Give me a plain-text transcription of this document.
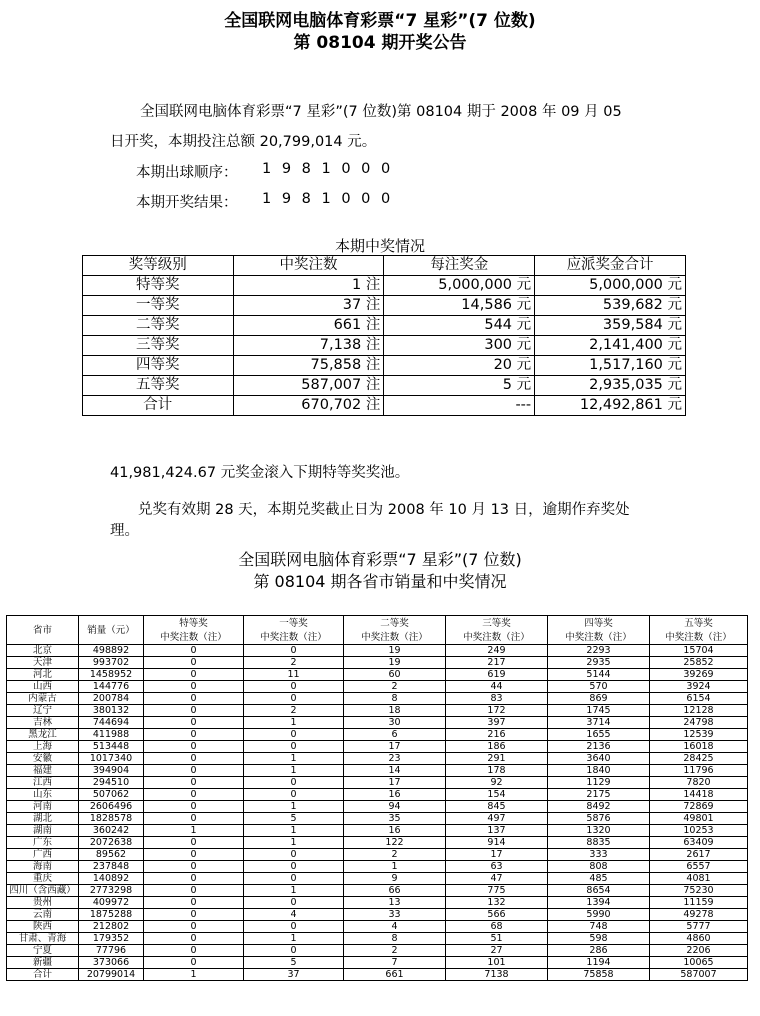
全国联网电脑体育彩票“7 星彩”(7 位数)
第 08104 期开奖公告
全国联网电脑体育彩票“7 星彩”(7 位数)第 08104 期于 2008 年 09 月 05
日开奖，本期投注总额 20,799,014 元。
本期出球顺序： 1 9 8 1 0 0 0
本期开奖结果： 1 9 8 1 0 0 0
本期中奖情况
奖等级别	中奖注数	每注奖金	应派奖金合计
特等奖	1 注	5,000,000 元	5,000,000 元
一等奖	37 注	14,586 元	539,682 元
二等奖	661 注	544 元	359,584 元
三等奖	7,138 注	300 元	2,141,400 元
四等奖	75,858 注	20 元	1,517,160 元
五等奖	587,007 注	5 元	2,935,035 元
合计	670,702 注	---	12,492,861 元
41,981,424.67 元奖金滚入下期特等奖奖池。
兑奖有效期 28 天，本期兑奖截止日为 2008 年 10 月 13 日，逾期作弃奖处
理。
全国联网电脑体育彩票“7 星彩”(7 位数)
第 08104 期各省市销量和中奖情况
省市	销量（元）	特等奖	一等奖	二等奖	三等奖	四等奖	五等奖
		中奖注数（注）	中奖注数（注）	中奖注数（注）	中奖注数（注）	中奖注数（注）	中奖注数（注）
北京	498892	0	0	19	249	2293	15704
天津	993702	0	2	19	217	2935	25852
河北	1458952	0	11	60	619	5144	39269
山西	144776	0	0	2	44	570	3924
内蒙古	200784	0	0	8	83	869	6154
辽宁	380132	0	2	18	172	1745	12128
吉林	744694	0	1	30	397	3714	24798
黑龙江	411988	0	0	6	216	1655	12539
上海	513448	0	0	17	186	2136	16018
安徽	1017340	0	1	23	291	3640	28425
福建	394904	0	1	14	178	1840	11796
江西	294510	0	0	17	92	1129	7820
山东	507062	0	0	16	154	2175	14418
河南	2606496	0	1	94	845	8492	72869
湖北	1828578	0	5	35	497	5876	49801
湖南	360242	1	1	16	137	1320	10253
广东	2072638	0	1	122	914	8835	63409
广西	89562	0	0	2	17	333	2617
海南	237848	0	0	1	63	808	6557
重庆	140892	0	0	9	47	485	4081
四川（含西藏）	2773298	0	1	66	775	8654	75230
贵州	409972	0	0	13	132	1394	11159
云南	1875288	0	4	33	566	5990	49278
陕西	212802	0	0	4	68	748	5777
甘肃、青海	179352	0	1	8	51	598	4860
宁夏	77796	0	0	2	27	286	2206
新疆	373066	0	5	7	101	1194	10065
合计	20799014	1	37	661	7138	75858	587007
